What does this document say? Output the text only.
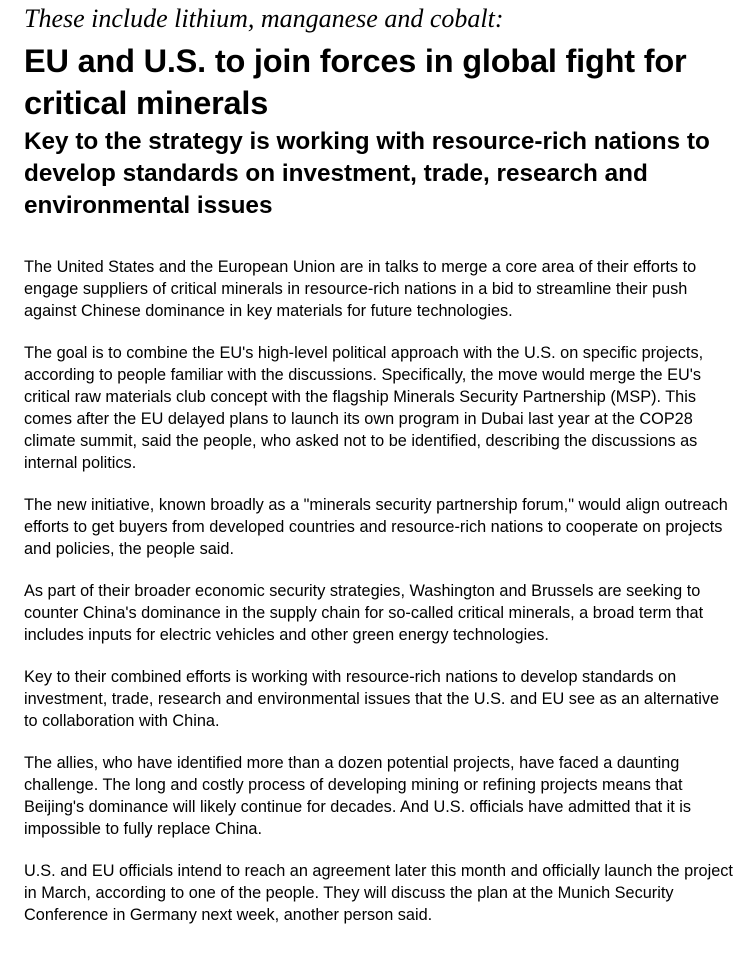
These include lithium, manganese and cobalt:

EU and U.S. to join forces in global fight for critical minerals
Key to the strategy is working with resource-rich nations to develop standards on investment, trade, research and environmental issues

The United States and the European Union are in talks to merge a core area of their efforts to engage suppliers of critical minerals in resource-rich nations in a bid to streamline their push against Chinese dominance in key materials for future technologies.

The goal is to combine the EU's high-level political approach with the U.S. on specific projects, according to people familiar with the discussions. Specifically, the move would merge the EU's critical raw materials club concept with the flagship Minerals Security Partnership (MSP). This comes after the EU delayed plans to launch its own program in Dubai last year at the COP28 climate summit, said the people, who asked not to be identified, describing the discussions as internal politics.

The new initiative, known broadly as a "minerals security partnership forum," would align outreach efforts to get buyers from developed countries and resource-rich nations to cooperate on projects and policies, the people said.

As part of their broader economic security strategies, Washington and Brussels are seeking to counter China's dominance in the supply chain for so-called critical minerals, a broad term that includes inputs for electric vehicles and other green energy technologies.

Key to their combined efforts is working with resource-rich nations to develop standards on investment, trade, research and environmental issues that the U.S. and EU see as an alternative to collaboration with China.

The allies, who have identified more than a dozen potential projects, have faced a daunting challenge. The long and costly process of developing mining or refining projects means that Beijing's dominance will likely continue for decades. And U.S. officials have admitted that it is impossible to fully replace China.

U.S. and EU officials intend to reach an agreement later this month and officially launch the project in March, according to one of the people. They will discuss the plan at the Munich Security Conference in Germany next week, another person said.
